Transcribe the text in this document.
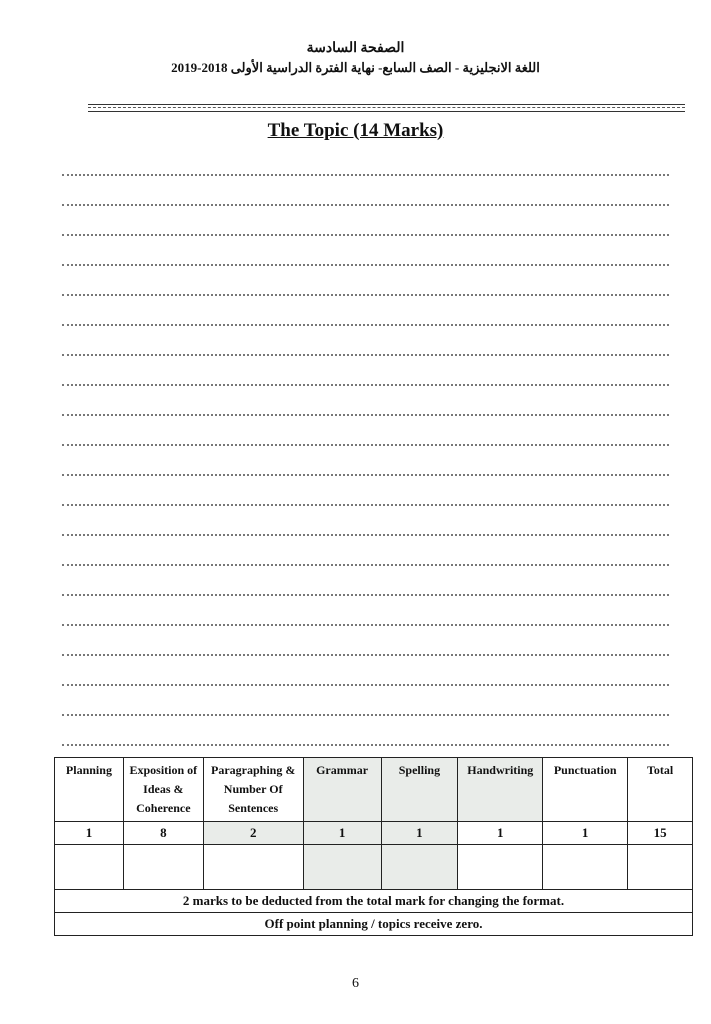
الصفحة السادسة
اللغة الانجليزية - الصف السابع- نهاية الفترة الدراسية الأولى 2018-2019
The Topic (14 Marks)
Planning	Exposition of Ideas & Coherence	Paragraphing & Number Of Sentences	Grammar	Spelling	Handwriting	Punctuation	Total
1	8	2	1	1	1	1	15

2 marks to be deducted from the total mark for changing the format.							
Off point planning / topics receive zero.							
6
